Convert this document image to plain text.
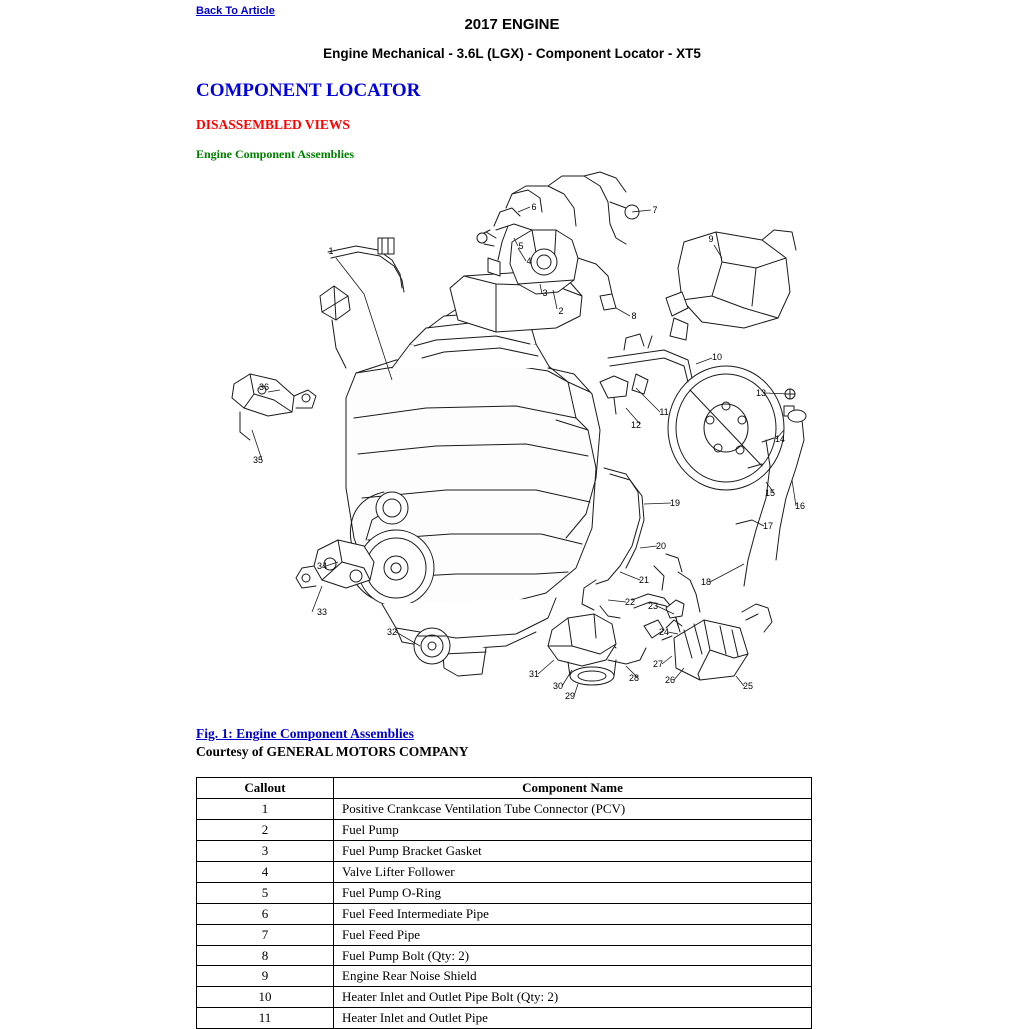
Back To Article
2017 ENGINE
Engine Mechanical - 3.6L (LGX) - Component Locator - XT5
COMPONENT LOCATOR
DISASSEMBLED VIEWS
Engine Component Assemblies
1
2
3
4
5
6	7
8
9
10
11
12
13
14
15
16
17
18
19
20
21
22 23
24
25
26
27
28
29
30
31
32
33
34
35
36
Fig. 1: Engine Component Assemblies
Courtesy of GENERAL MOTORS COMPANY
Callout	Component Name
1	Positive Crankcase Ventilation Tube Connector (PCV)
2	Fuel Pump
3	Fuel Pump Bracket Gasket
4	Valve Lifter Follower
5	Fuel Pump O-Ring
6	Fuel Feed Intermediate Pipe
7	Fuel Feed Pipe
8	Fuel Pump Bolt (Qty: 2)
9	Engine Rear Noise Shield
10	Heater Inlet and Outlet Pipe Bolt (Qty: 2)
11	Heater Inlet and Outlet Pipe
